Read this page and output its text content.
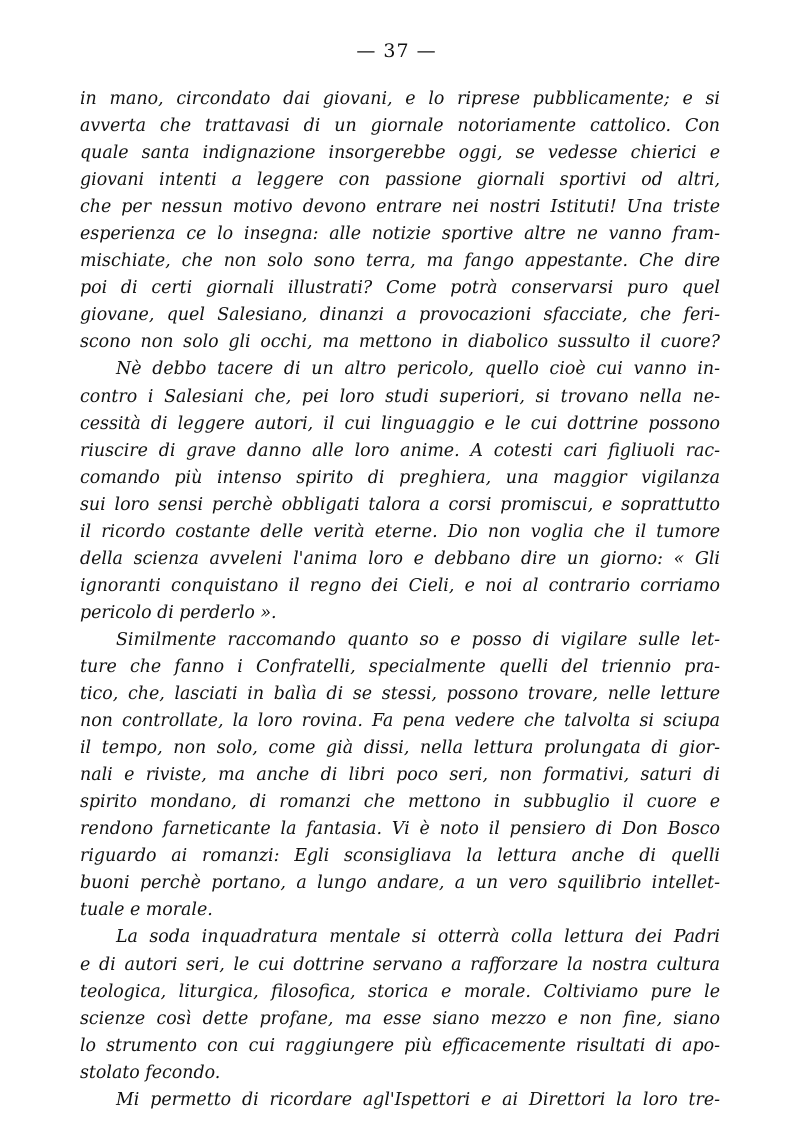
— 37 —
in mano, circondato dai giovani, e lo riprese pubblicamente; e si
avverta che trattavasi di un giornale notoriamente cattolico. Con
quale santa indignazione insorgerebbe oggi, se vedesse chierici e
giovani intenti a leggere con passione giornali sportivi od altri,
che per nessun motivo devono entrare nei nostri Istituti! Una triste
esperienza ce lo insegna: alle notizie sportive altre ne vanno fram-
mischiate, che non solo sono terra, ma fango appestante. Che dire
poi di certi giornali illustrati? Come potrà conservarsi puro quel
giovane, quel Salesiano, dinanzi a provocazioni sfacciate, che feri-
scono non solo gli occhi, ma mettono in diabolico sussulto il cuore?
Nè debbo tacere di un altro pericolo, quello cioè cui vanno in-
contro i Salesiani che, pei loro studi superiori, si trovano nella ne-
cessità di leggere autori, il cui linguaggio e le cui dottrine possono
riuscire di grave danno alle loro anime. A cotesti cari figliuoli rac-
comando più intenso spirito di preghiera, una maggior vigilanza
sui loro sensi perchè obbligati talora a corsi promiscui, e soprattutto
il ricordo costante delle verità eterne. Dio non voglia che il tumore
della scienza avveleni l'anima loro e debbano dire un giorno: « Gli
ignoranti conquistano il regno dei Cieli, e noi al contrario corriamo
pericolo di perderlo ».
Similmente raccomando quanto so e posso di vigilare sulle let-
ture che fanno i Confratelli, specialmente quelli del triennio pra-
tico, che, lasciati in balìa di se stessi, possono trovare, nelle letture
non controllate, la loro rovina. Fa pena vedere che talvolta si sciupa
il tempo, non solo, come già dissi, nella lettura prolungata di gior-
nali e riviste, ma anche di libri poco seri, non formativi, saturi di
spirito mondano, di romanzi che mettono in subbuglio il cuore e
rendono farneticante la fantasia. Vi è noto il pensiero di Don Bosco
riguardo ai romanzi: Egli sconsigliava la lettura anche di quelli
buoni perchè portano, a lungo andare, a un vero squilibrio intellet-
tuale e morale.
La soda inquadratura mentale si otterrà colla lettura dei Padri
e di autori seri, le cui dottrine servano a rafforzare la nostra cultura
teologica, liturgica, filosofica, storica e morale. Coltiviamo pure le
scienze così dette profane, ma esse siano mezzo e non fine, siano
lo strumento con cui raggiungere più efficacemente risultati di apo-
stolato fecondo.
Mi permetto di ricordare agl'Ispettori e ai Direttori la loro tre-
